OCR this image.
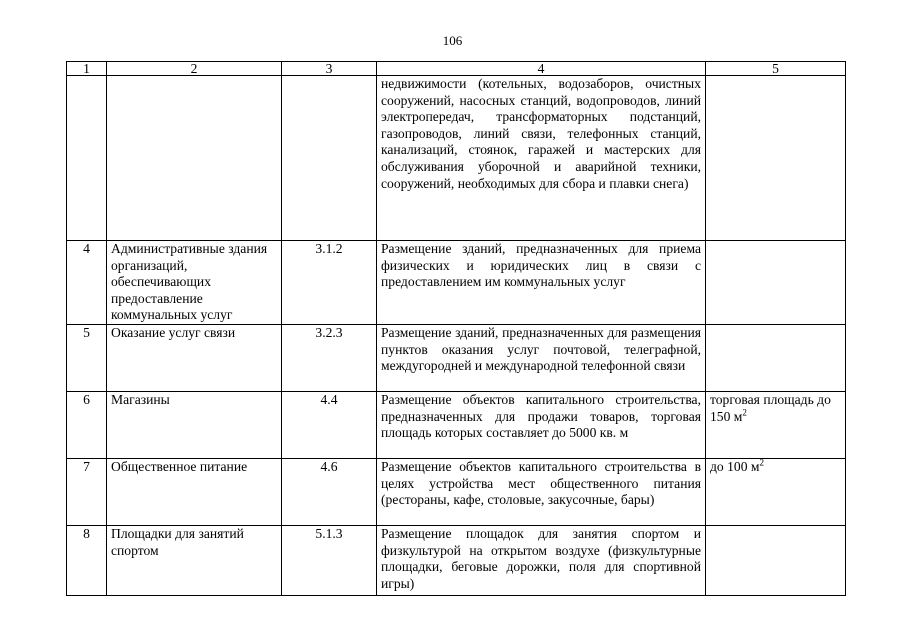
106
1	2	3	4	5
			недвижимости (котельных, водозаборов, очистных сооружений, насосных станций, водопроводов, линий электропередач, трансформаторных подстанций, газопроводов, линий связи, телефонных станций, канализаций, стоянок, гаражей и мастерских для обслуживания уборочной и аварийной техники, сооружений, необходимых для сбора и плавки снега)	
4	Административные здания организаций, обеспечивающих предоставление коммунальных услуг	3.1.2	Размещение зданий, предназначенных для приема физических и юридических лиц в связи с предоставлением им коммунальных услуг	
5	Оказание услуг связи	3.2.3	Размещение зданий, предназначенных для размещения пунктов оказания услуг почтовой, телеграфной, междугородней и международной телефонной связи	
6	Магазины	4.4	Размещение объектов капитального строительства, предназначенных для продажи товаров, торговая площадь которых составляет до 5000 кв. м	торговая площадь до 150 $м^2$
7	Общественное питание	4.6	Размещение объектов капитального строительства в целях устройства мест общественного питания (рестораны, кафе, столовые, закусочные, бары)	до 100 $м^2$
8	Площадки для занятий спортом	5.1.3	Размещение площадок для занятия спортом и физкультурой на открытом воздухе (физкультурные площадки, беговые дорожки, поля для спортивной игры)	
